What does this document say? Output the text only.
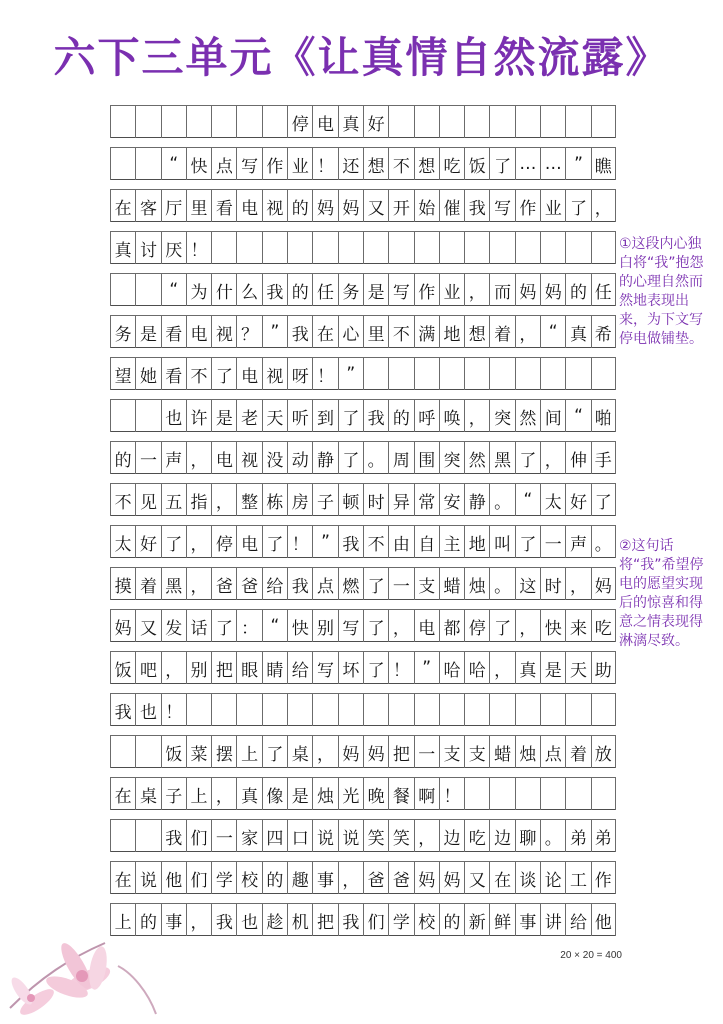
六下三单元《让真情自然流露》
停 电 真 好
“ 快 点 写 作 业 ！ 还 想 不 想 吃 饭 了 … … ” 瞧
在 客 厅 里 看 电 视 的 妈 妈 又 开 始 催 我 写 作 业 了 ，
真 讨 厌 ！
“ 为 什 么 我 的 任 务 是 写 作 业 ， 而 妈 妈 的 任
务 是 看 电 视 ？ ” 我 在 心 里 不 满 地 想 着 ， “ 真 希
望 她 看 不 了 电 视 呀 ！ ”
也 许 是 老 天 听 到 了 我 的 呼 唤 ， 突 然 间 “ 啪
的 一 声 ， 电 视 没 动 静 了 。 周 围 突 然 黑 了 ， 伸 手
不 见 五 指 ， 整 栋 房 子 顿 时 异 常 安 静 。 “ 太 好 了
太 好 了 ， 停 电 了 ！ ” 我 不 由 自 主 地 叫 了 一 声 。
摸 着 黑 ， 爸 爸 给 我 点 燃 了 一 支 蜡 烛 。 这 时 ， 妈
妈 又 发 话 了 ： “ 快 别 写 了 ， 电 都 停 了 ， 快 来 吃
饭 吧 ， 别 把 眼 睛 给 写 坏 了 ！ ” 哈 哈 ， 真 是 天 助
我 也 ！
饭 菜 摆 上 了 桌 ， 妈 妈 把 一 支 支 蜡 烛 点 着 放
在 桌 子 上 ， 真 像 是 烛 光 晚 餐 啊 ！
我 们 一 家 四 口 说 说 笑 笑 ， 边 吃 边 聊 。 弟 弟
在 说 他 们 学 校 的 趣 事 ， 爸 爸 妈 妈 又 在 谈 论 工 作
上 的 事 ， 我 也 趁 机 把 我 们 学 校 的 新 鲜 事 讲 给 他
①这段内心独白将“我”抱怨的心理自然而然地表现出来，为下文写停电做铺垫。
②这句话将“我”希望停电的愿望实现后的惊喜和得意之情表现得淋漓尽致。
20 × 20 = 400
